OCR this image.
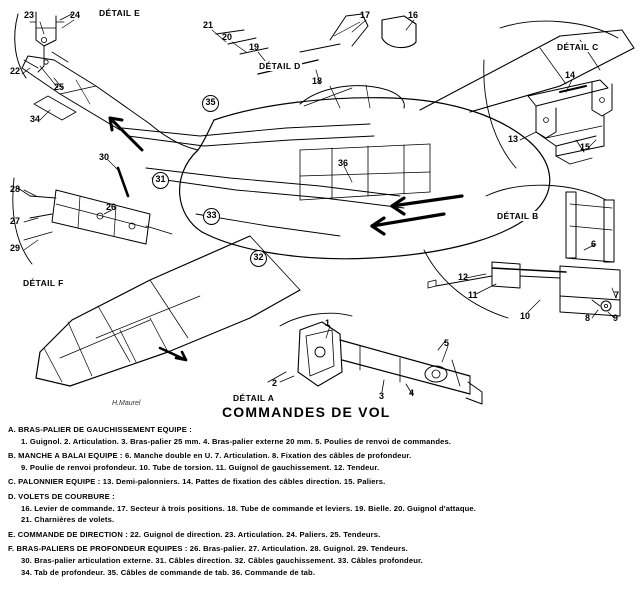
DÉTAIL E
DÉTAIL D
DÉTAIL C
DÉTAIL B
DÉTAIL F
DÉTAIL A
23	24
22
25
34
30
28
26
27
29
21
20
19
18
17	16
14
13
15
36
12
11
10
6
7
9
8
1
5
2
4
3
35
31
33
32
H.Maurel
COMMANDES DE VOL
A. BRAS-PALIER DE GAUCHISSEMENT EQUIPE :
1. Guignol. 2. Articulation. 3. Bras-palier 25 mm. 4. Bras-palier externe 20 mm. 5. Poulies de renvoi de commandes.
B. MANCHE A BALAI EQUIPE : 6. Manche double en U. 7. Articulation. 8. Fixation des câbles de profondeur.
9. Poulie de renvoi profondeur. 10. Tube de torsion. 11. Guignol de gauchissement. 12. Tendeur.
C. PALONNIER EQUIPE : 13. Demi-palonniers. 14. Pattes de fixation des câbles direction. 15. Paliers.
D. VOLETS DE COURBURE :
16. Levier de commande. 17. Secteur à trois positions. 18. Tube de commande et leviers. 19. Bielle. 20. Guignol d'attaque.
21. Charnières de volets.
E. COMMANDE DE DIRECTION : 22. Guignol de direction. 23. Articulation. 24. Paliers. 25. Tendeurs.
F. BRAS-PALIERS DE PROFONDEUR EQUIPES : 26. Bras-palier. 27. Articulation. 28. Guignol. 29. Tendeurs.
30. Bras-palier articulation externe. 31. Câbles direction. 32. Câbles gauchissement. 33. Câbles profondeur.
34. Tab de profondeur. 35. Câbles de commande de tab. 36. Commande de tab.
